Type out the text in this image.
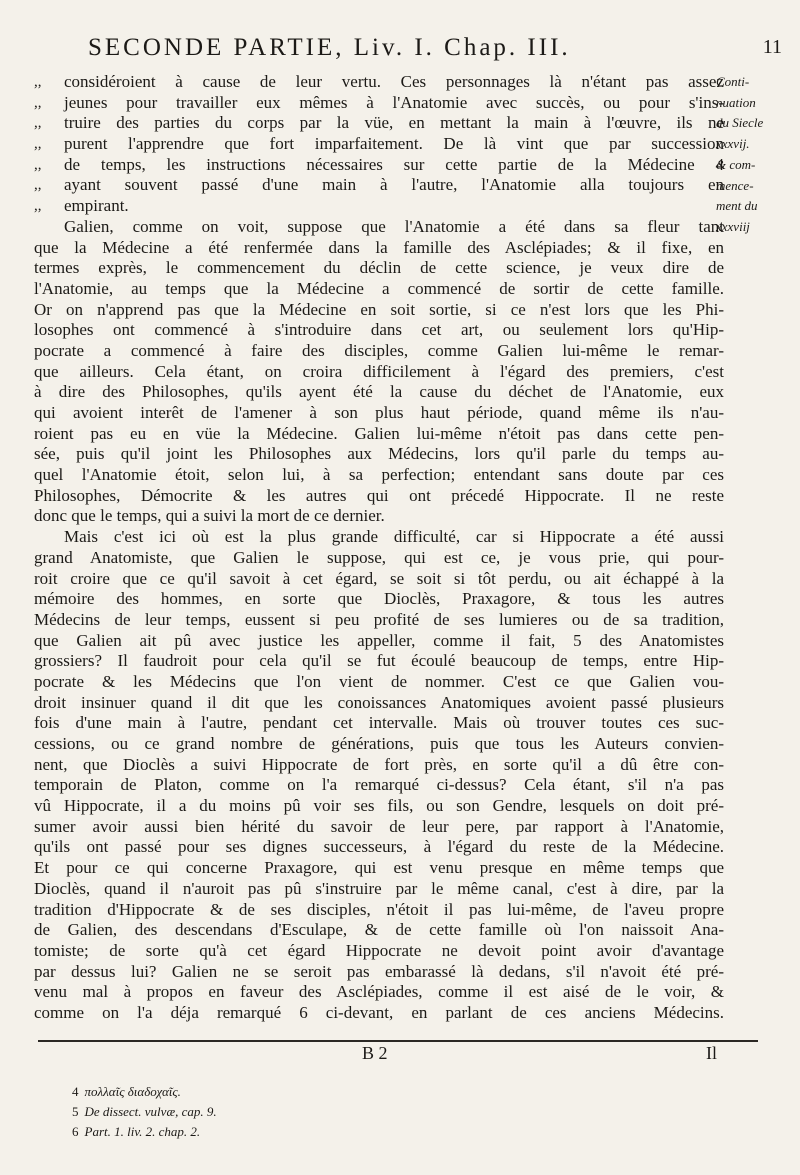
SECONDE PARTIE, Liv. I. Chap. III.	11
,,	considéroient à cause de leur vertu. Ces personnages là n'étant pas assez
,,	jeunes pour travailler eux mêmes à l'Anatomie avec succès, ou pour s'ins-
,,	truire des parties du corps par la vüe, en mettant la main à l'œuvre, ils ne
,,	purent l'apprendre que fort imparfaitement. De là vint que par succession
,,	de temps, les instructions nécessaires sur cette partie de la Médecine 4
,,	ayant souvent passé d'une main à l'autre, l'Anatomie alla toujours en
,,	empirant.
Galien, comme on voit, suppose que l'Anatomie a été dans sa fleur tant
que la Médecine a été renfermée dans la famille des Asclépiades; & il fixe, en
termes exprès, le commencement du déclin de cette science, je veux dire de
l'Anatomie, au temps que la Médecine a commencé de sortir de cette famille.
Or on n'apprend pas que la Médecine en soit sortie, si ce n'est lors que les Phi-
losophes ont commencé à s'introduire dans cet art, ou seulement lors qu'Hip-
pocrate a commencé à faire des disciples, comme Galien lui-même le remar-
que ailleurs. Cela étant, on croira difficilement à l'égard des premiers, c'est
à dire des Philosophes, qu'ils ayent été la cause du déchet de l'Anatomie, eux
qui avoient interêt de l'amener à son plus haut période, quand même ils n'au-
roient pas eu en vüe la Médecine. Galien lui-même n'étoit pas dans cette pen-
sée, puis qu'il joint les Philosophes aux Médecins, lors qu'il parle du temps au-
quel l'Anatomie étoit, selon lui, à sa perfection; entendant sans doute par ces
Philosophes, Démocrite & les autres qui ont précedé Hippocrate. Il ne reste
donc que le temps, qui a suivi la mort de ce dernier.
Mais c'est ici où est la plus grande difficulté, car si Hippocrate a été aussi
grand Anatomiste, que Galien le suppose, qui est ce, je vous prie, qui pour-
roit croire que ce qu'il savoit à cet égard, se soit si tôt perdu, ou ait échappé à la
mémoire des hommes, en sorte que Dioclès, Praxagore, & tous les autres
Médecins de leur temps, eussent si peu profité de ses lumieres ou de sa tradition,
que Galien ait pû avec justice les appeller, comme il fait, 5 des Anatomistes
grossiers? Il faudroit pour cela qu'il se fut écoulé beaucoup de temps, entre Hip-
pocrate & les Médecins que l'on vient de nommer. C'est ce que Galien vou-
droit insinuer quand il dit que les conoissances Anatomiques avoient passé plusieurs
fois d'une main à l'autre, pendant cet intervalle. Mais où trouver toutes ces suc-
cessions, ou ce grand nombre de générations, puis que tous les Auteurs convien-
nent, que Dioclès a suivi Hippocrate de fort près, en sorte qu'il a dû être con-
temporain de Platon, comme on l'a remarqué ci-dessus? Cela étant, s'il n'a pas
vû Hippocrate, il a du moins pû voir ses fils, ou son Gendre, lesquels on doit pré-
sumer avoir aussi bien hérité du savoir de leur pere, par rapport à l'Anatomie,
qu'ils ont passé pour ses dignes successeurs, à l'égard du reste de la Médecine.
Et pour ce qui concerne Praxagore, qui est venu presque en même temps que
Dioclès, quand il n'auroit pas pû s'instruire par le même canal, c'est à dire, par la
tradition d'Hippocrate & de ses disciples, n'étoit il pas lui-même, de l'aveu propre
de Galien, des descendans d'Esculape, & de cette famille où l'on naissoit Ana-
tomiste; de sorte qu'à cet égard Hippocrate ne devoit point avoir d'avantage
par dessus lui? Galien ne se seroit pas embarassé là dedans, s'il n'avoit été pré-
venu mal à propos en faveur des Asclépiades, comme il est aisé de le voir, &
comme on l'a déja remarqué 6 ci-devant, en parlant de ces anciens Médecins.
Conti-
nuation
du Siecle
xxxvij.
& com-
mence-
ment du
xxxviij
B 2	Il
4 πολλαῖς διαδοχαῖς.
5 De dissect. vulvæ, cap. 9.
6 Part. 1. liv. 2. chap. 2.
